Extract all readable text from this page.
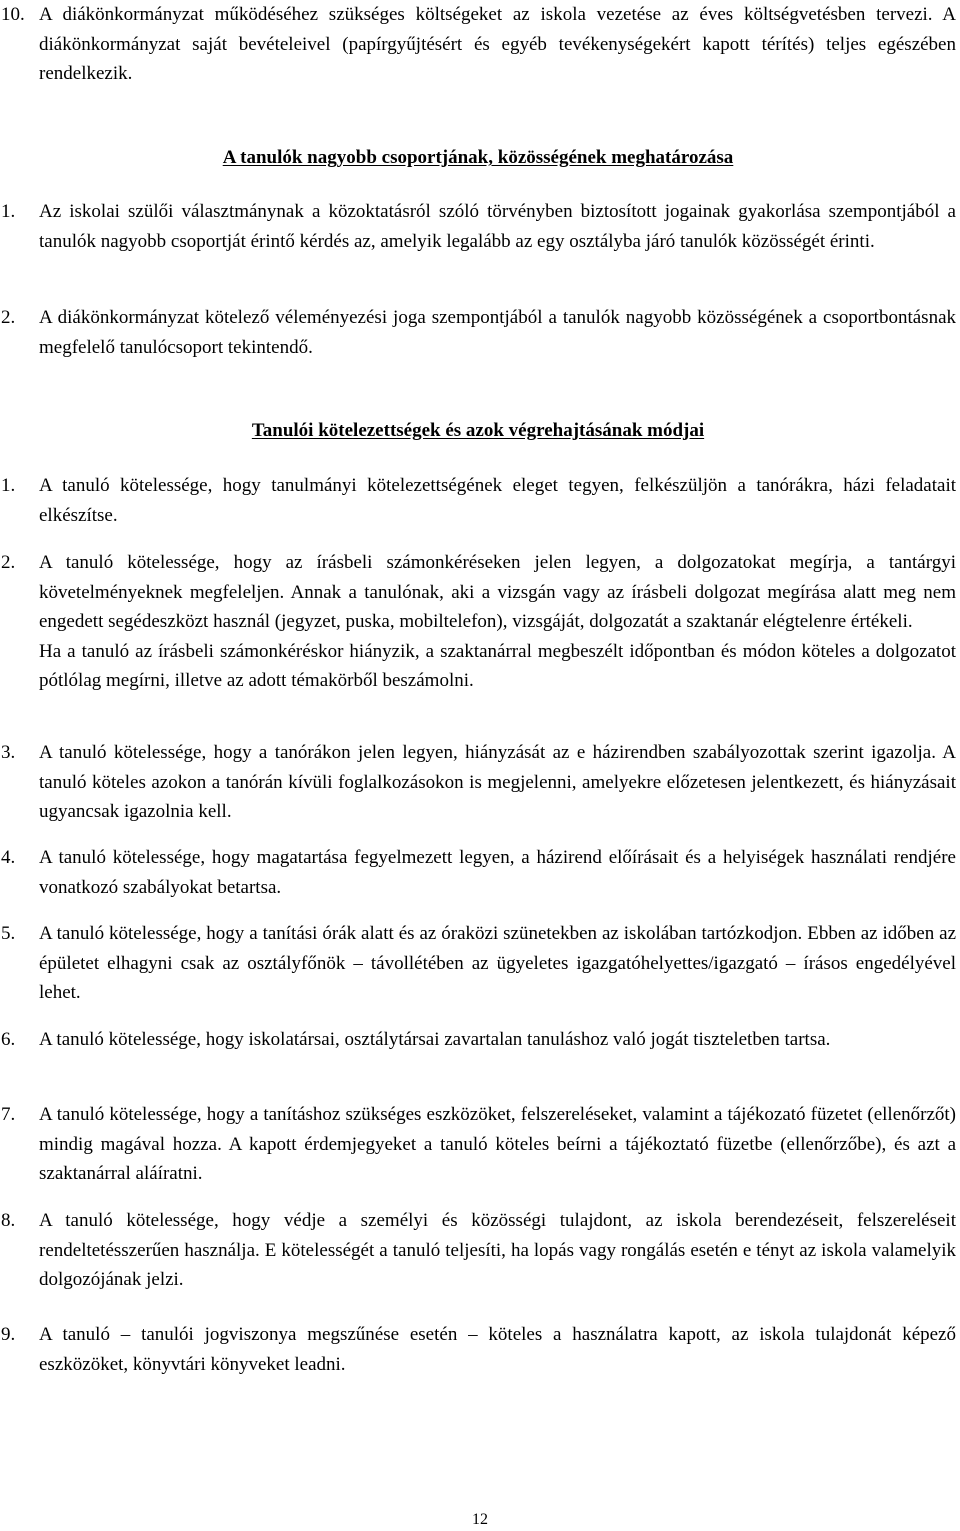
10. A diákönkormányzat működéséhez szükséges költségeket az iskola vezetése az éves költségvetésben tervezi. A diákönkormányzat saját bevételeivel (papírgyűjtésért és egyéb tevékenységekért kapott térítés) teljes egészében rendelkezik.

A tanulók nagyobb csoportjának, közösségének meghatározása
1. Az iskolai szülői választmánynak a közoktatásról szóló törvényben biztosított jogainak gyakorlása szempontjából a tanulók nagyobb csoportját érintő kérdés az, amelyik legalább az egy osztályba járó tanulók közösségét érinti.

2. A diákönkormányzat kötelező véleményezési joga szempontjából a tanulók nagyobb közösségének a csoportbontásnak megfelelő tanulócsoport tekintendő.

Tanulói kötelezettségek és azok végrehajtásának módjai
1. A tanuló kötelessége, hogy tanulmányi kötelezettségének eleget tegyen, felkészüljön a tanórákra, házi feladatait elkészítse.

2. A tanuló kötelessége, hogy az írásbeli számonkéréseken jelen legyen, a dolgozatokat megírja, a tantárgyi követelményeknek megfeleljen. Annak a tanulónak, aki a vizsgán vagy az írásbeli dolgozat megírása alatt meg nem engedett segédeszközt használ (jegyzet, puska, mobiltelefon), vizsgáját, dolgozatát a szaktanár elégtelenre értékeli.

Ha a tanuló az írásbeli számonkéréskor hiányzik, a szaktanárral megbeszélt időpontban és módon köteles a dolgozatot pótlólag megírni, illetve az adott témakörből beszámolni.

3. A tanuló kötelessége, hogy a tanórákon jelen legyen, hiányzását az e házirendben szabályozottak szerint igazolja. A tanuló köteles azokon a tanórán kívüli foglalkozásokon is megjelenni, amelyekre előzetesen jelentkezett, és hiányzásait ugyancsak igazolnia kell.

4. A tanuló kötelessége, hogy magatartása fegyelmezett legyen, a házirend előírásait és a helyiségek használati rendjére vonatkozó szabályokat betartsa.

5. A tanuló kötelessége, hogy a tanítási órák alatt és az óraközi szünetekben az iskolában tartózkodjon. Ebben az időben az épületet elhagyni csak az osztályfőnök – távollétében az ügyeletes igazgatóhelyettes/igazgató – írásos engedélyével lehet.

6. A tanuló kötelessége, hogy iskolatársai, osztálytársai zavartalan tanuláshoz való jogát tiszteletben tartsa.

7. A tanuló kötelessége, hogy a tanításhoz szükséges eszközöket, felszereléseket, valamint a tájékozató füzetet (ellenőrzőt) mindig magával hozza. A kapott érdemjegyeket a tanuló köteles beírni a tájékoztató füzetbe (ellenőrzőbe), és azt a szaktanárral aláíratni.

8. A tanuló kötelessége, hogy védje a személyi és közösségi tulajdont, az iskola berendezéseit, felszereléseit rendeltetésszerűen használja. E kötelességét a tanuló teljesíti, ha lopás vagy rongálás esetén e tényt az iskola valamelyik dolgozójának jelzi.

9. A tanuló – tanulói jogviszonya megszűnése esetén – köteles a használatra kapott, az iskola tulajdonát képező eszközöket, könyvtári könyveket leadni.

12
